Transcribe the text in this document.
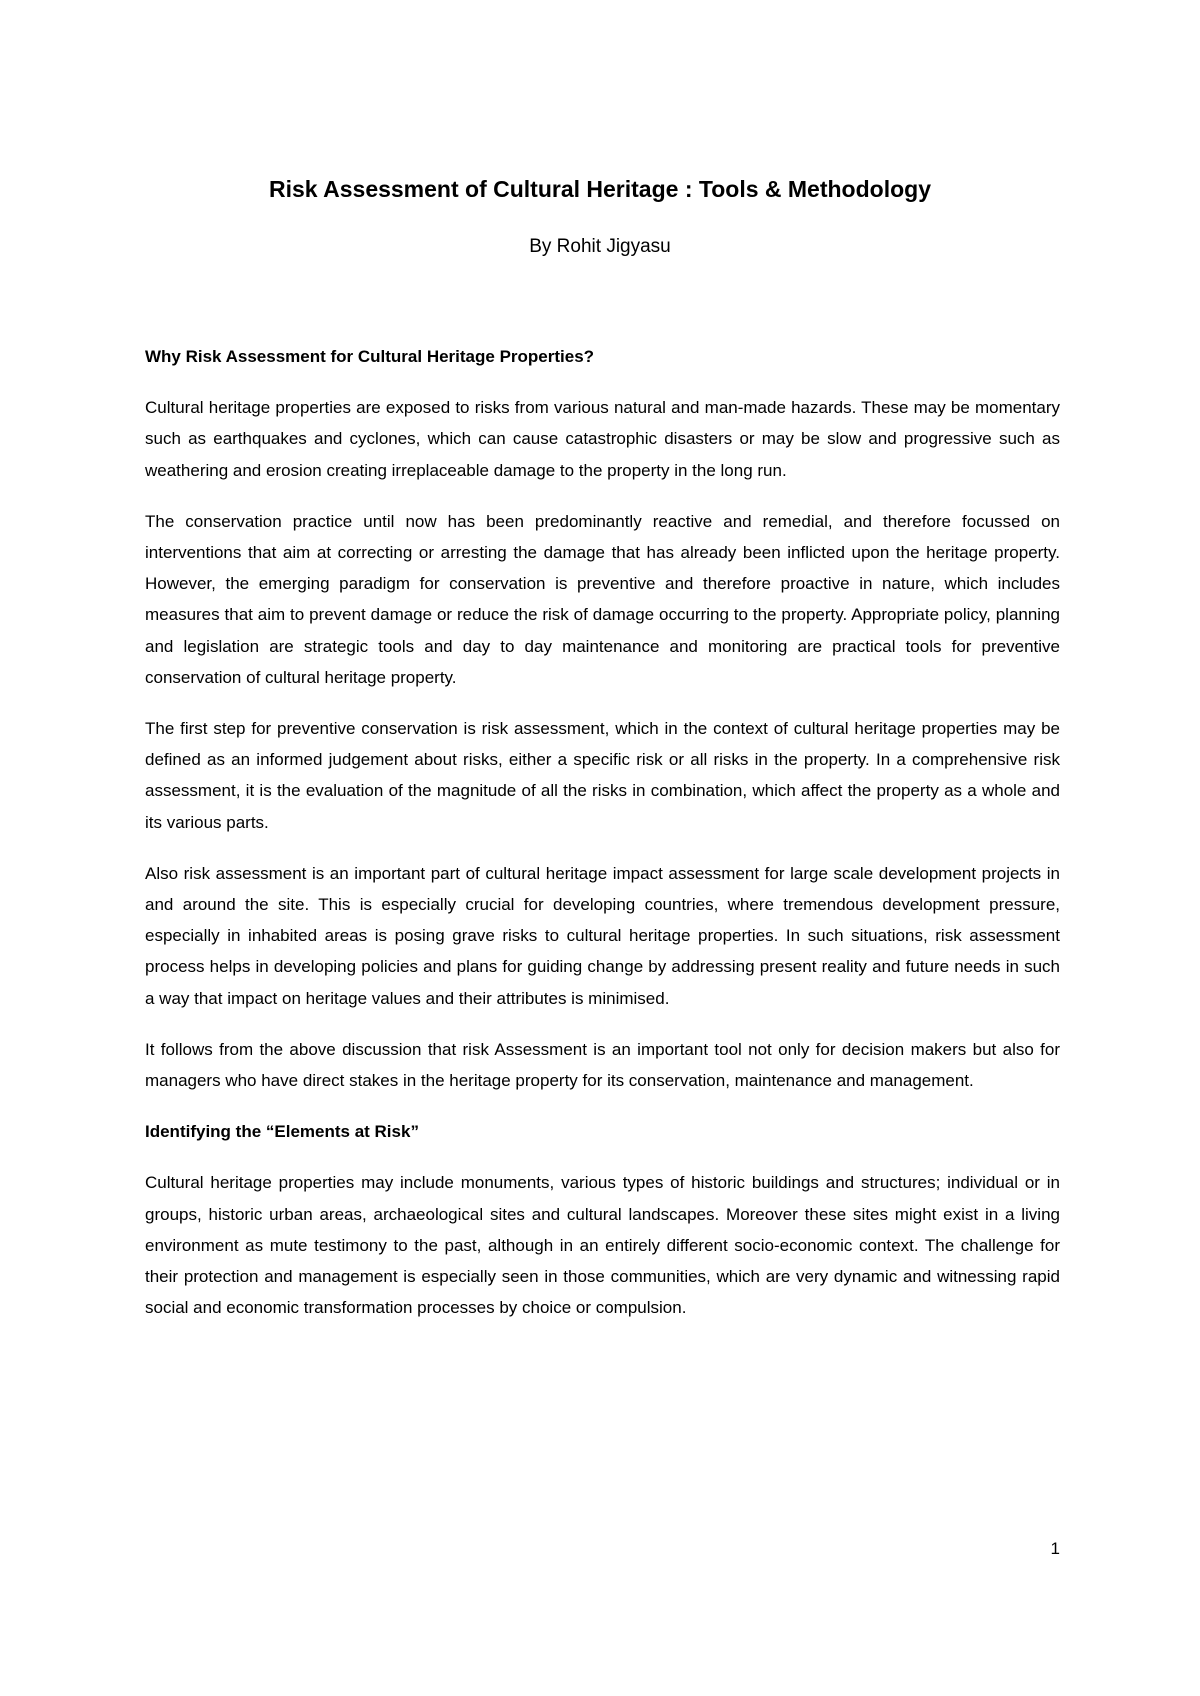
Risk Assessment of Cultural Heritage : Tools & Methodology
By Rohit Jigyasu
Why Risk Assessment for Cultural Heritage Properties?

Cultural heritage properties are exposed to risks from various natural and man-made hazards. These may be momentary such as earthquakes and cyclones, which can cause catastrophic disasters or may be slow and progressive such as weathering and erosion creating irreplaceable damage to the property in the long run.

The conservation practice until now has been predominantly reactive and remedial, and therefore focussed on interventions that aim at correcting or arresting the damage that has already been inflicted upon the heritage property. However, the emerging paradigm for conservation is preventive and therefore proactive in nature, which includes measures that aim to prevent damage or reduce the risk of damage occurring to the property. Appropriate policy, planning and legislation are strategic tools and day to day maintenance and monitoring are practical tools for preventive conservation of cultural heritage property.

The first step for preventive conservation is risk assessment, which in the context of cultural heritage properties may be defined as an informed judgement about risks, either a specific risk or all risks in the property. In a comprehensive risk assessment, it is the evaluation of the magnitude of all the risks in combination, which affect the property as a whole and its various parts.

Also risk assessment is an important part of cultural heritage impact assessment for large scale development projects in and around the site. This is especially crucial for developing countries, where tremendous development pressure, especially in inhabited areas is posing grave risks to cultural heritage properties. In such situations, risk assessment process helps in developing policies and plans for guiding change by addressing present reality and future needs in such a way that impact on heritage values and their attributes is minimised.

It follows from the above discussion that risk Assessment is an important tool not only for decision makers but also for managers who have direct stakes in the heritage property for its conservation, maintenance and management.

Identifying the “Elements at Risk”

Cultural heritage properties may include monuments, various types of historic buildings and structures; individual or in groups, historic urban areas, archaeological sites and cultural landscapes. Moreover these sites might exist in a living environment as mute testimony to the past, although in an entirely different socio-economic context. The challenge for their protection and management is especially seen in those communities, which are very dynamic and witnessing rapid social and economic transformation processes by choice or compulsion.

1
